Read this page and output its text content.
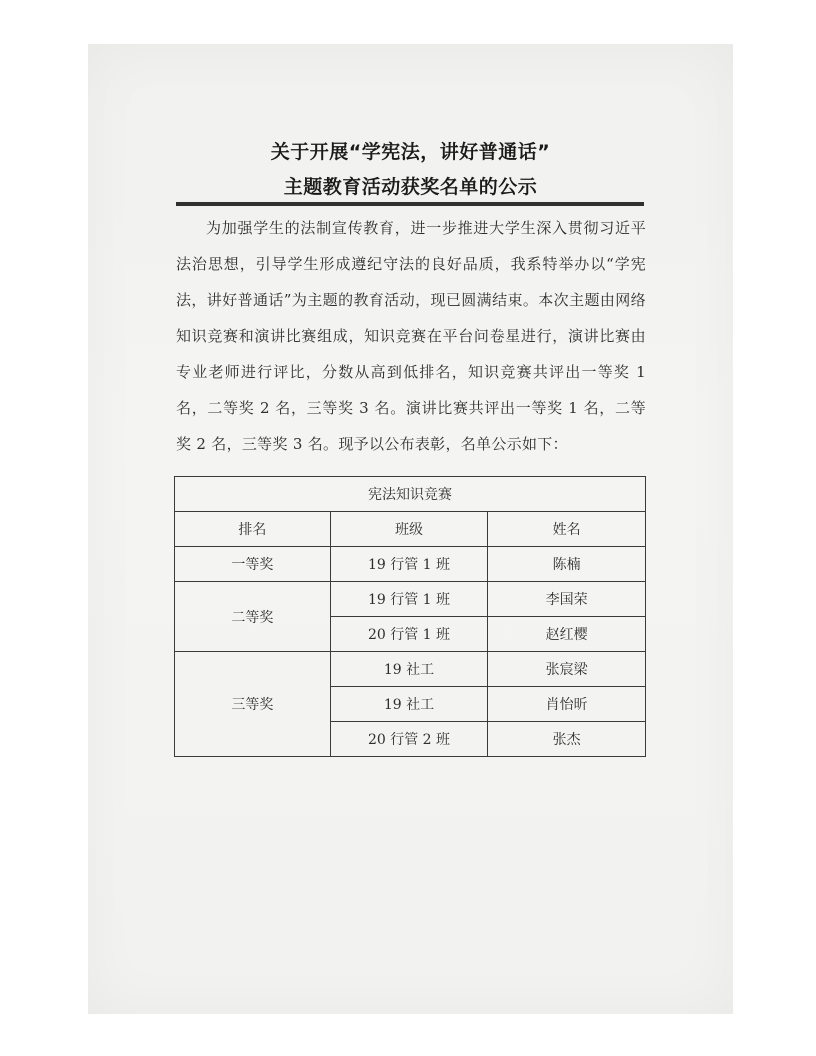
关于开展“学宪法，讲好普通话”
主题教育活动获奖名单的公示
为加强学生的法制宣传教育，进一步推进大学生深入贯彻习近平法治思想，引导学生形成遵纪守法的良好品质，我系特举办以“学宪法，讲好普通话”为主题的教育活动，现已圆满结束。本次主题由网络知识竞赛和演讲比赛组成，知识竞赛在平台问卷星进行，演讲比赛由专业老师进行评比，分数从高到低排名，知识竞赛共评出一等奖 1 名，二等奖 2 名，三等奖 3 名。演讲比赛共评出一等奖 1 名，二等奖 2 名，三等奖 3 名。现予以公布表彰，名单公示如下：
宪法知识竞赛		
排名	班级	姓名
一等奖	19 行管 1 班	陈楠
二等奖	19 行管 1 班	李国荣
	20 行管 1 班	赵红樱
三等奖	19 社工	张宸梁
	19 社工	肖怡昕
	20 行管 2 班	张杰
